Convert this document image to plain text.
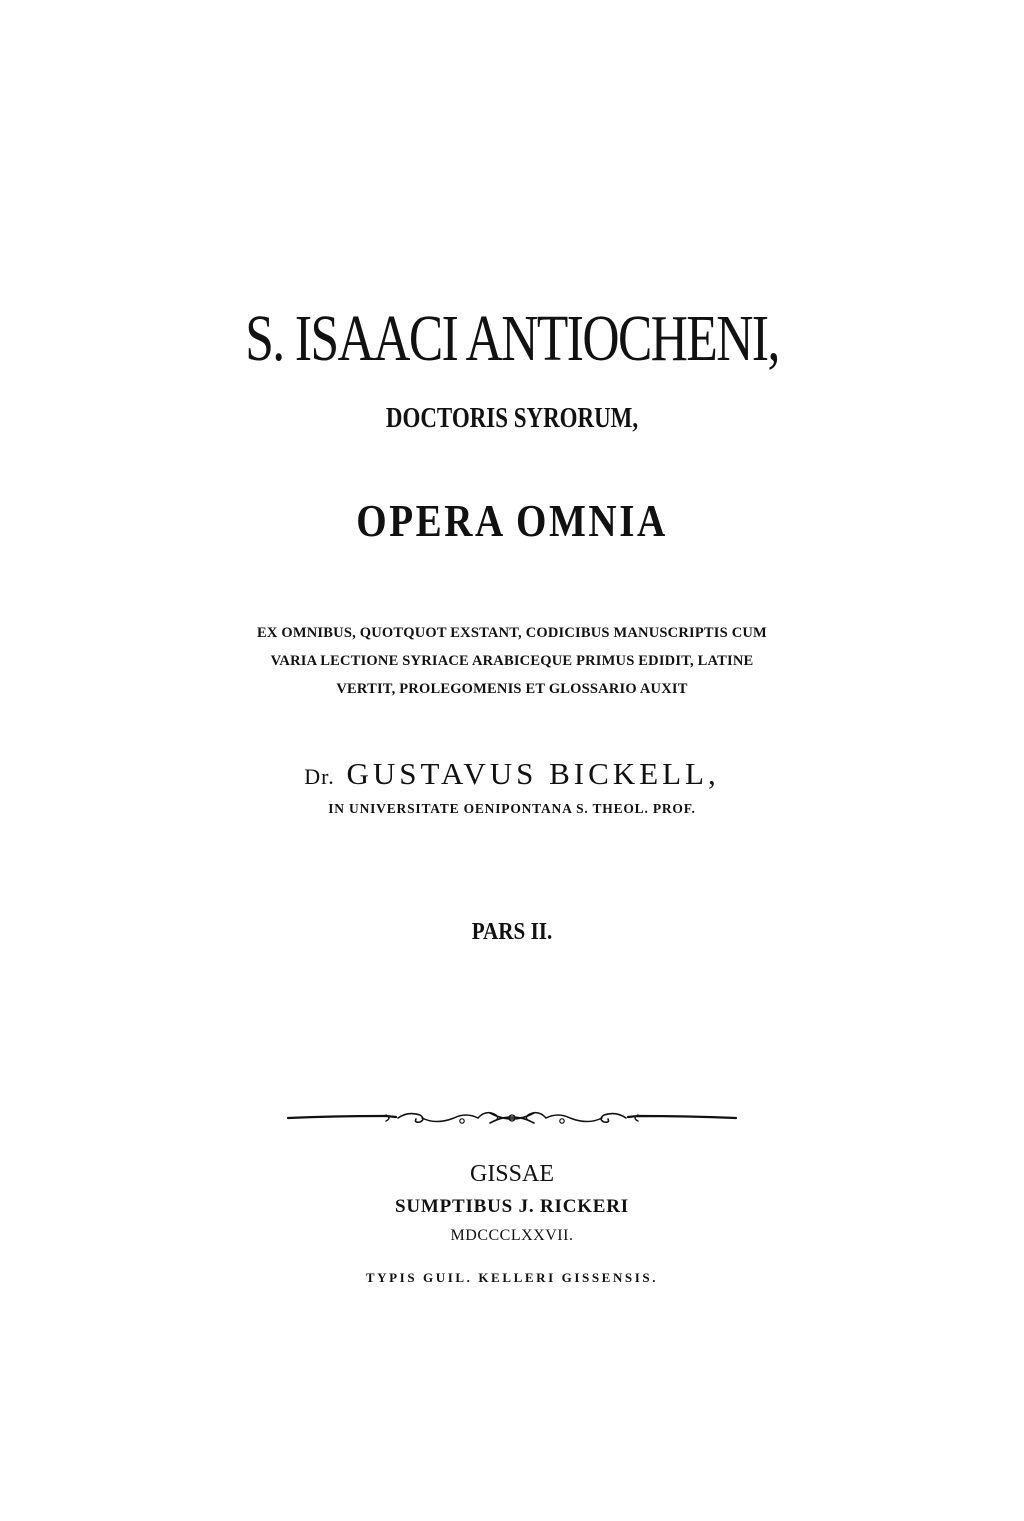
S. ISAACI ANTIOCHENI,
DOCTORIS SYRORUM,
OPERA OMNIA
EX OMNIBUS, QUOTQUOT EXSTANT, CODICIBUS MANUSCRIPTIS CUM
VARIA LECTIONE SYRIACE ARABICEQUE PRIMUS EDIDIT, LATINE
VERTIT, PROLEGOMENIS ET GLOSSARIO AUXIT
Dr. GUSTAVUS BICKELL,
IN UNIVERSITATE OENIPONTANA S. THEOL. PROF.
PARS II.
GISSAE
SUMPTIBUS J. RICKERI
MDCCCLXXVII.
TYPIS GUIL. KELLERI GISSENSIS.
